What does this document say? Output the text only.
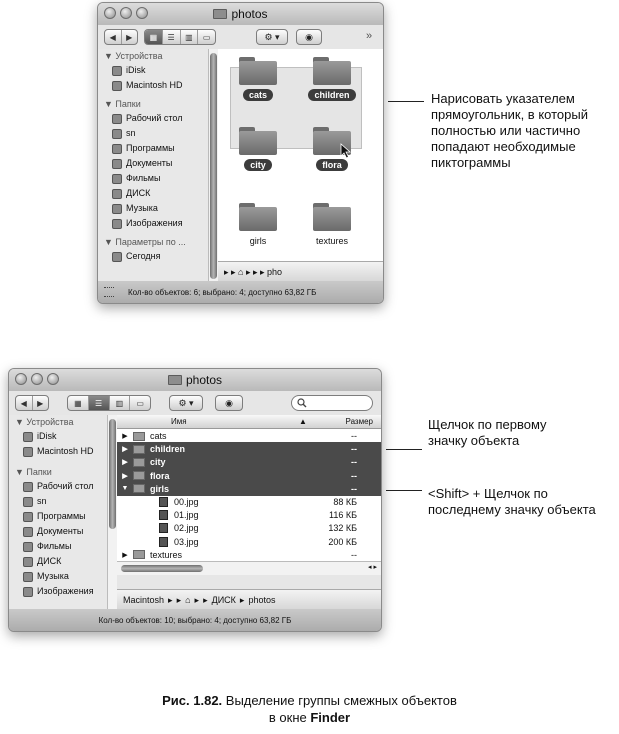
photos
◀	▶	▦	☰	▥	▭	⚙ ▾	◉	»
▼ Устройства
iDisk
Macintosh HD
▼ Папки
Рабочий стол
sn
Программы
Документы
Фильмы
ДИСК
Музыка
Изображения
▼ Параметры по ...
Сегодня
cats	children
city	flora
girls	textures
▸ ▸ ⌂ ▸ ▸ ▸ pho
Кол-во объектов: 6; выбрано: 4; доступно 63,82 ГБ
Нарисовать указателем прямоугольник, в который полностью или частично попадают необходимые пиктограммы
photos
◀	▶	▦	☰	▥	▭	⚙ ▾	◉
▼ Устройства
iDisk
Macintosh HD
▼ Папки
Рабочий стол
sn
Программы
Документы
Фильмы
ДИСК
Музыка
Изображения
Имя	▲	Размер
▶	cats	--
▶	children	--
▶	city	--
▶	flora	--
▼	girls	--
00.jpg	88 КБ
01.jpg	116 КБ
02.jpg	132 КБ
03.jpg	200 КБ
▶	textures	--
◂ ▸
Macintosh ▸ ▸ ⌂ ▸ ▸ ДИСК ▸ photos
Кол-во объектов: 10; выбрано: 4; доступно 63,82 ГБ
Щелчок по первому значку объекта
<Shift> + Щелчок по последнему значку объекта
Рис. 1.82. Выделение группы смежных объектов
в окне Finder
